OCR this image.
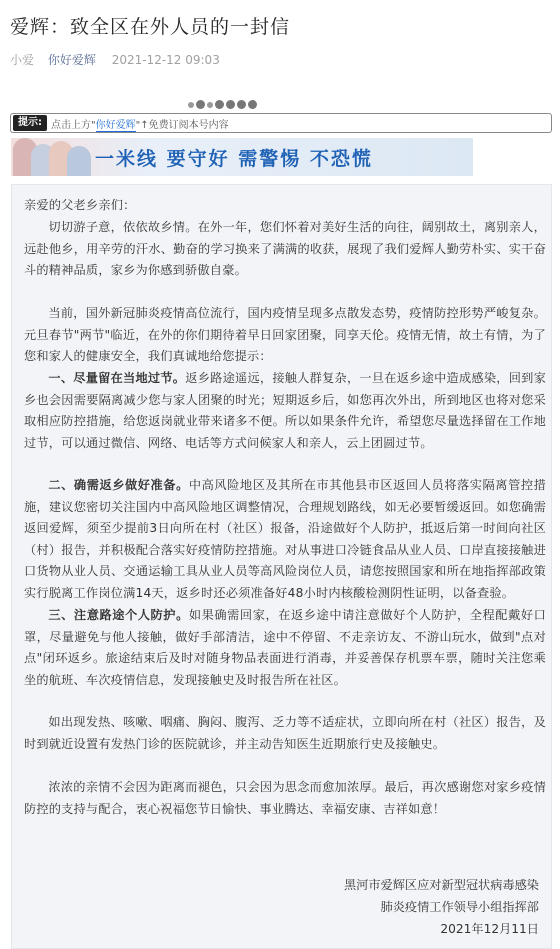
爱辉：致全区在外人员的一封信
小爱 你好爱辉 2021-12-12 09:03
提示: 点击上方"你好爱辉"↑免费订阅本号内容
一米线 要守好 需警惕 不恐慌

亲爱的父老乡亲们：

切切游子意，依依故乡情。在外一年，您们怀着对美好生活的向往，阔别故土，离别亲人，远赴他乡，用辛劳的汗水、勤奋的学习换来了满满的收获，展现了我们爱辉人勤劳朴实、实干奋斗的精神品质，家乡为你感到骄傲自豪。

当前，国外新冠肺炎疫情高位流行，国内疫情呈现多点散发态势，疫情防控形势严峻复杂。元旦春节"两节"临近，在外的你们期待着早日回家团聚，同享天伦。疫情无情，故土有情，为了您和家人的健康安全，我们真诚地给您提示：

一、尽量留在当地过节。返乡路途遥远，接触人群复杂，一旦在返乡途中造成感染，回到家乡也会因需要隔离减少您与家人团聚的时光；短期返乡后，如您再次外出，所到地区也将对您采取相应防控措施，给您返岗就业带来诸多不便。所以如果条件允许，希望您尽量选择留在工作地过节，可以通过微信、网络、电话等方式问候家人和亲人，云上团圆过节。

二、确需返乡做好准备。中高风险地区及其所在市其他县市区返回人员将落实隔离管控措施，建议您密切关注国内中高风险地区调整情况，合理规划路线，如无必要暂缓返回。如您确需返回爱辉，须至少提前3日向所在村（社区）报备，沿途做好个人防护，抵返后第一时间向社区（村）报告，并积极配合落实好疫情防控措施。对从事进口冷链食品从业人员、口岸直接接触进口货物从业人员、交通运输工具从业人员等高风险岗位人员，请您按照国家和所在地指挥部政策实行脱离工作岗位满14天，返乡时还必须准备好48小时内核酸检测阴性证明，以备查验。

三、注意路途个人防护。如果确需回家，在返乡途中请注意做好个人防护，全程配戴好口罩，尽量避免与他人接触，做好手部清洁，途中不停留、不走亲访友、不游山玩水，做到"点对点"闭环返乡。旅途结束后及时对随身物品表面进行消毒，并妥善保存机票车票，随时关注您乘坐的航班、车次疫情信息，发现接触史及时报告所在社区。

如出现发热、咳嗽、咽痛、胸闷、腹泻、乏力等不适症状，立即向所在村（社区）报告，及时到就近设置有发热门诊的医院就诊，并主动告知医生近期旅行史及接触史。

浓浓的亲情不会因为距离而褪色，只会因为思念而愈加浓厚。最后，再次感谢您对家乡疫情防控的支持与配合，衷心祝福您节日愉快、事业腾达、幸福安康、吉祥如意！

黑河市爱辉区应对新型冠状病毒感染
肺炎疫情工作领导小组指挥部
2021年12月11日
